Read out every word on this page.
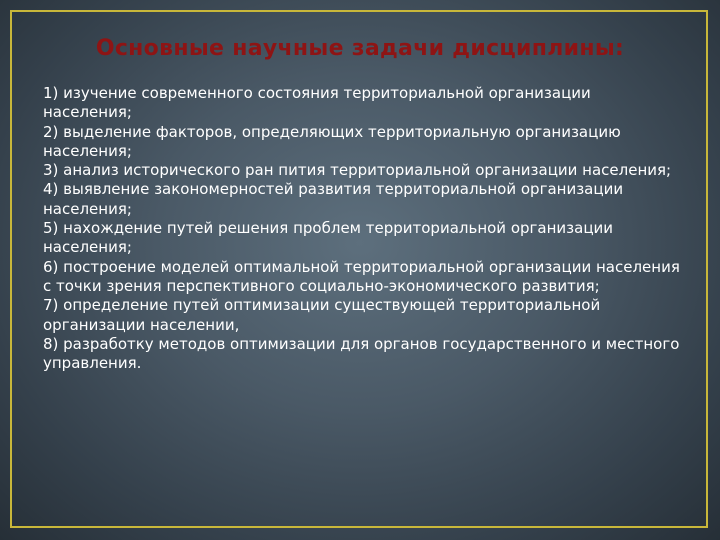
Основные научные задачи дисциплины:
1) изучение современного состояния территориальной организации населения;
2) выделение факторов, определяющих территориальную организацию населения;
3) анализ исторического ран пития территориальной организации населения;
4) выявление закономерностей развития территориальной организации населения;
5) нахождение путей решения проблем территориальной организации населения;
6) построение моделей оптимальной территориальной организации населения с точки зрения перспективного социально-экономического развития;
7) определение путей оптимизации существующей территориальной организации населении,
8) разработку методов оптимизации для органов государственного и местного управления.
